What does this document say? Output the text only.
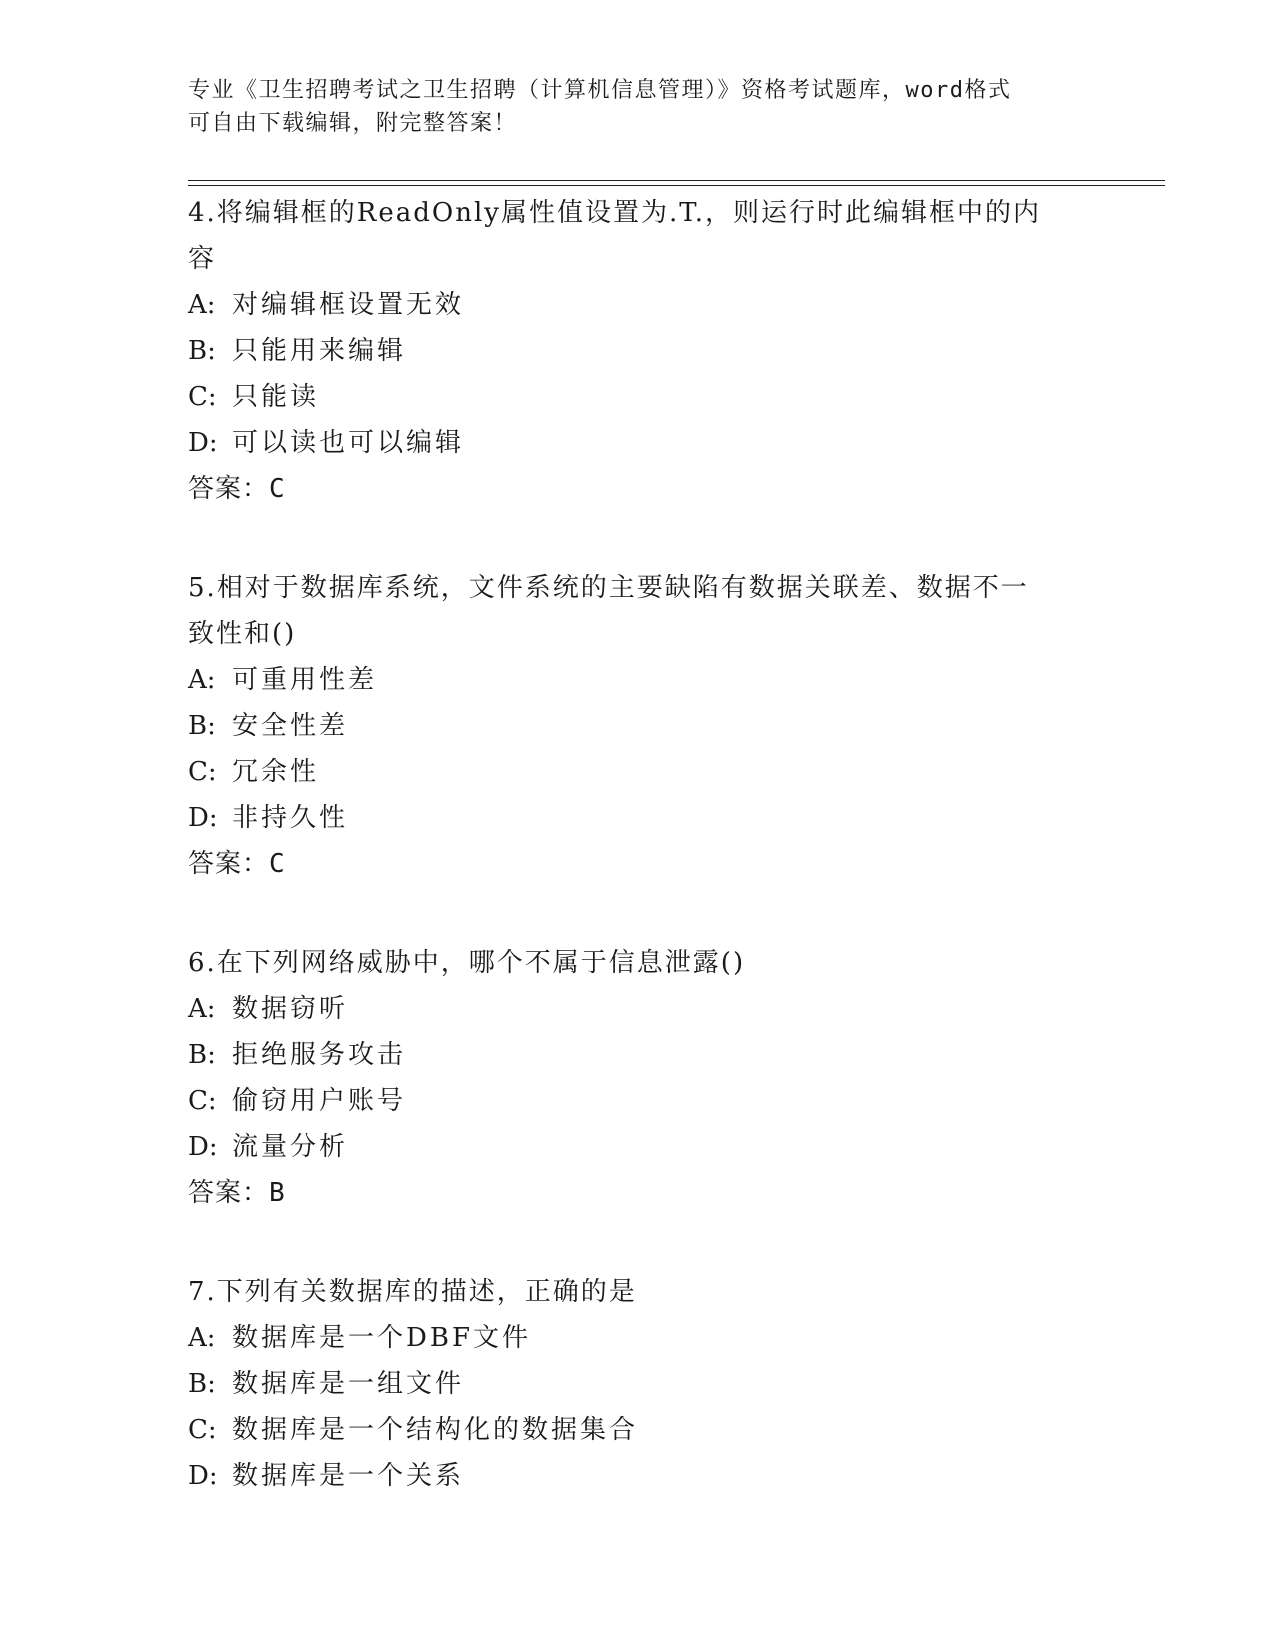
专业《卫生招聘考试之卫生招聘（计算机信息管理）》资格考试题库，word格式

可自由下载编辑，附完整答案！

4.将编辑框的ReadOnly属性值设置为.T.，则运行时此编辑框中的内

容

A: 对编辑框设置无效

B: 只能用来编辑

C: 只能读

D: 可以读也可以编辑

答案：C

5.相对于数据库系统，文件系统的主要缺陷有数据关联差、数据不一

致性和()

A: 可重用性差

B: 安全性差

C: 冗余性

D: 非持久性

答案：C

6.在下列网络威胁中，哪个不属于信息泄露()

A: 数据窃听

B: 拒绝服务攻击

C: 偷窃用户账号

D: 流量分析

答案：B

7.下列有关数据库的描述，正确的是

A: 数据库是一个DBF文件

B: 数据库是一组文件

C: 数据库是一个结构化的数据集合

D: 数据库是一个关系
